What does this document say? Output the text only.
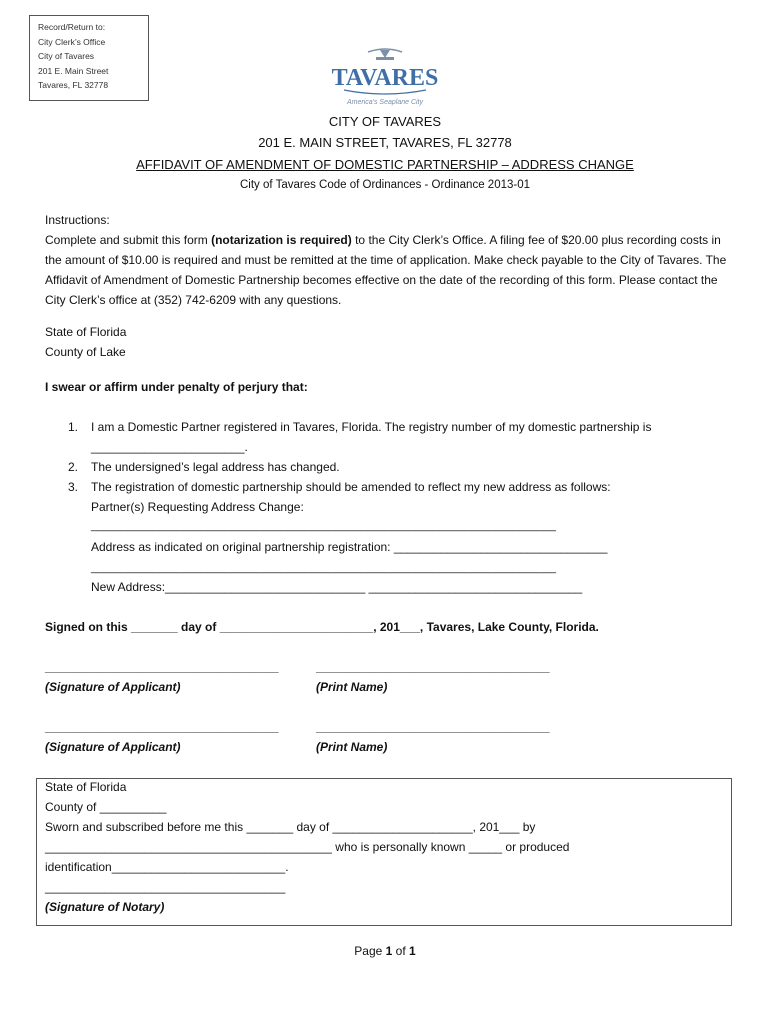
Record/Return to:
City Clerk’s Office
City of Tavares
201 E. Main Street
Tavares, FL 32778	TAVARES
America's Seaplane City
CITY OF TAVARES
201 E. MAIN STREET, TAVARES, FL 32778
AFFIDAVIT OF AMENDMENT OF DOMESTIC PARTNERSHIP – ADDRESS CHANGE
City of Tavares Code of Ordinances - Ordinance 2013-01
Instructions:
Complete and submit this form (notarization is required) to the City Clerk’s Office. A filing fee of $20.00 plus recording costs in the amount of $10.00 is required and must be remitted at the time of application. Make check payable to the City of Tavares. The Affidavit of Amendment of Domestic Partnership becomes effective on the date of the recording of this form. Please contact the City Clerk’s office at (352) 742-6209 with any questions.
State of Florida
County of Lake
I swear or affirm under penalty of perjury that:
1. I am a Domestic Partner registered in Tavares, Florida. The registry number of my domestic partnership is
_______________________.
2. The undersigned’s legal address has changed.
3. The registration of domestic partnership should be amended to reflect my new address as follows:
Partner(s) Requesting Address Change:
____________________________________________________________________________
Address as indicated on original partnership registration: ________________________________
____________________________________________________________________________
New Address:______________________________ ________________________________
Signed on this _______ day of _______________________, 201___, Tavares, Lake County, Florida.
___________________________________	___________________________________
(Signature of Applicant)	(Print Name)
___________________________________	___________________________________
(Signature of Applicant)	(Print Name)
State of Florida
County of __________
Sworn and subscribed before me this _______ day of _____________________, 201___ by
___________________________________________ who is personally known _____ or produced
identification__________________________.
____________________________________
(Signature of Notary)
Page 1 of 1
